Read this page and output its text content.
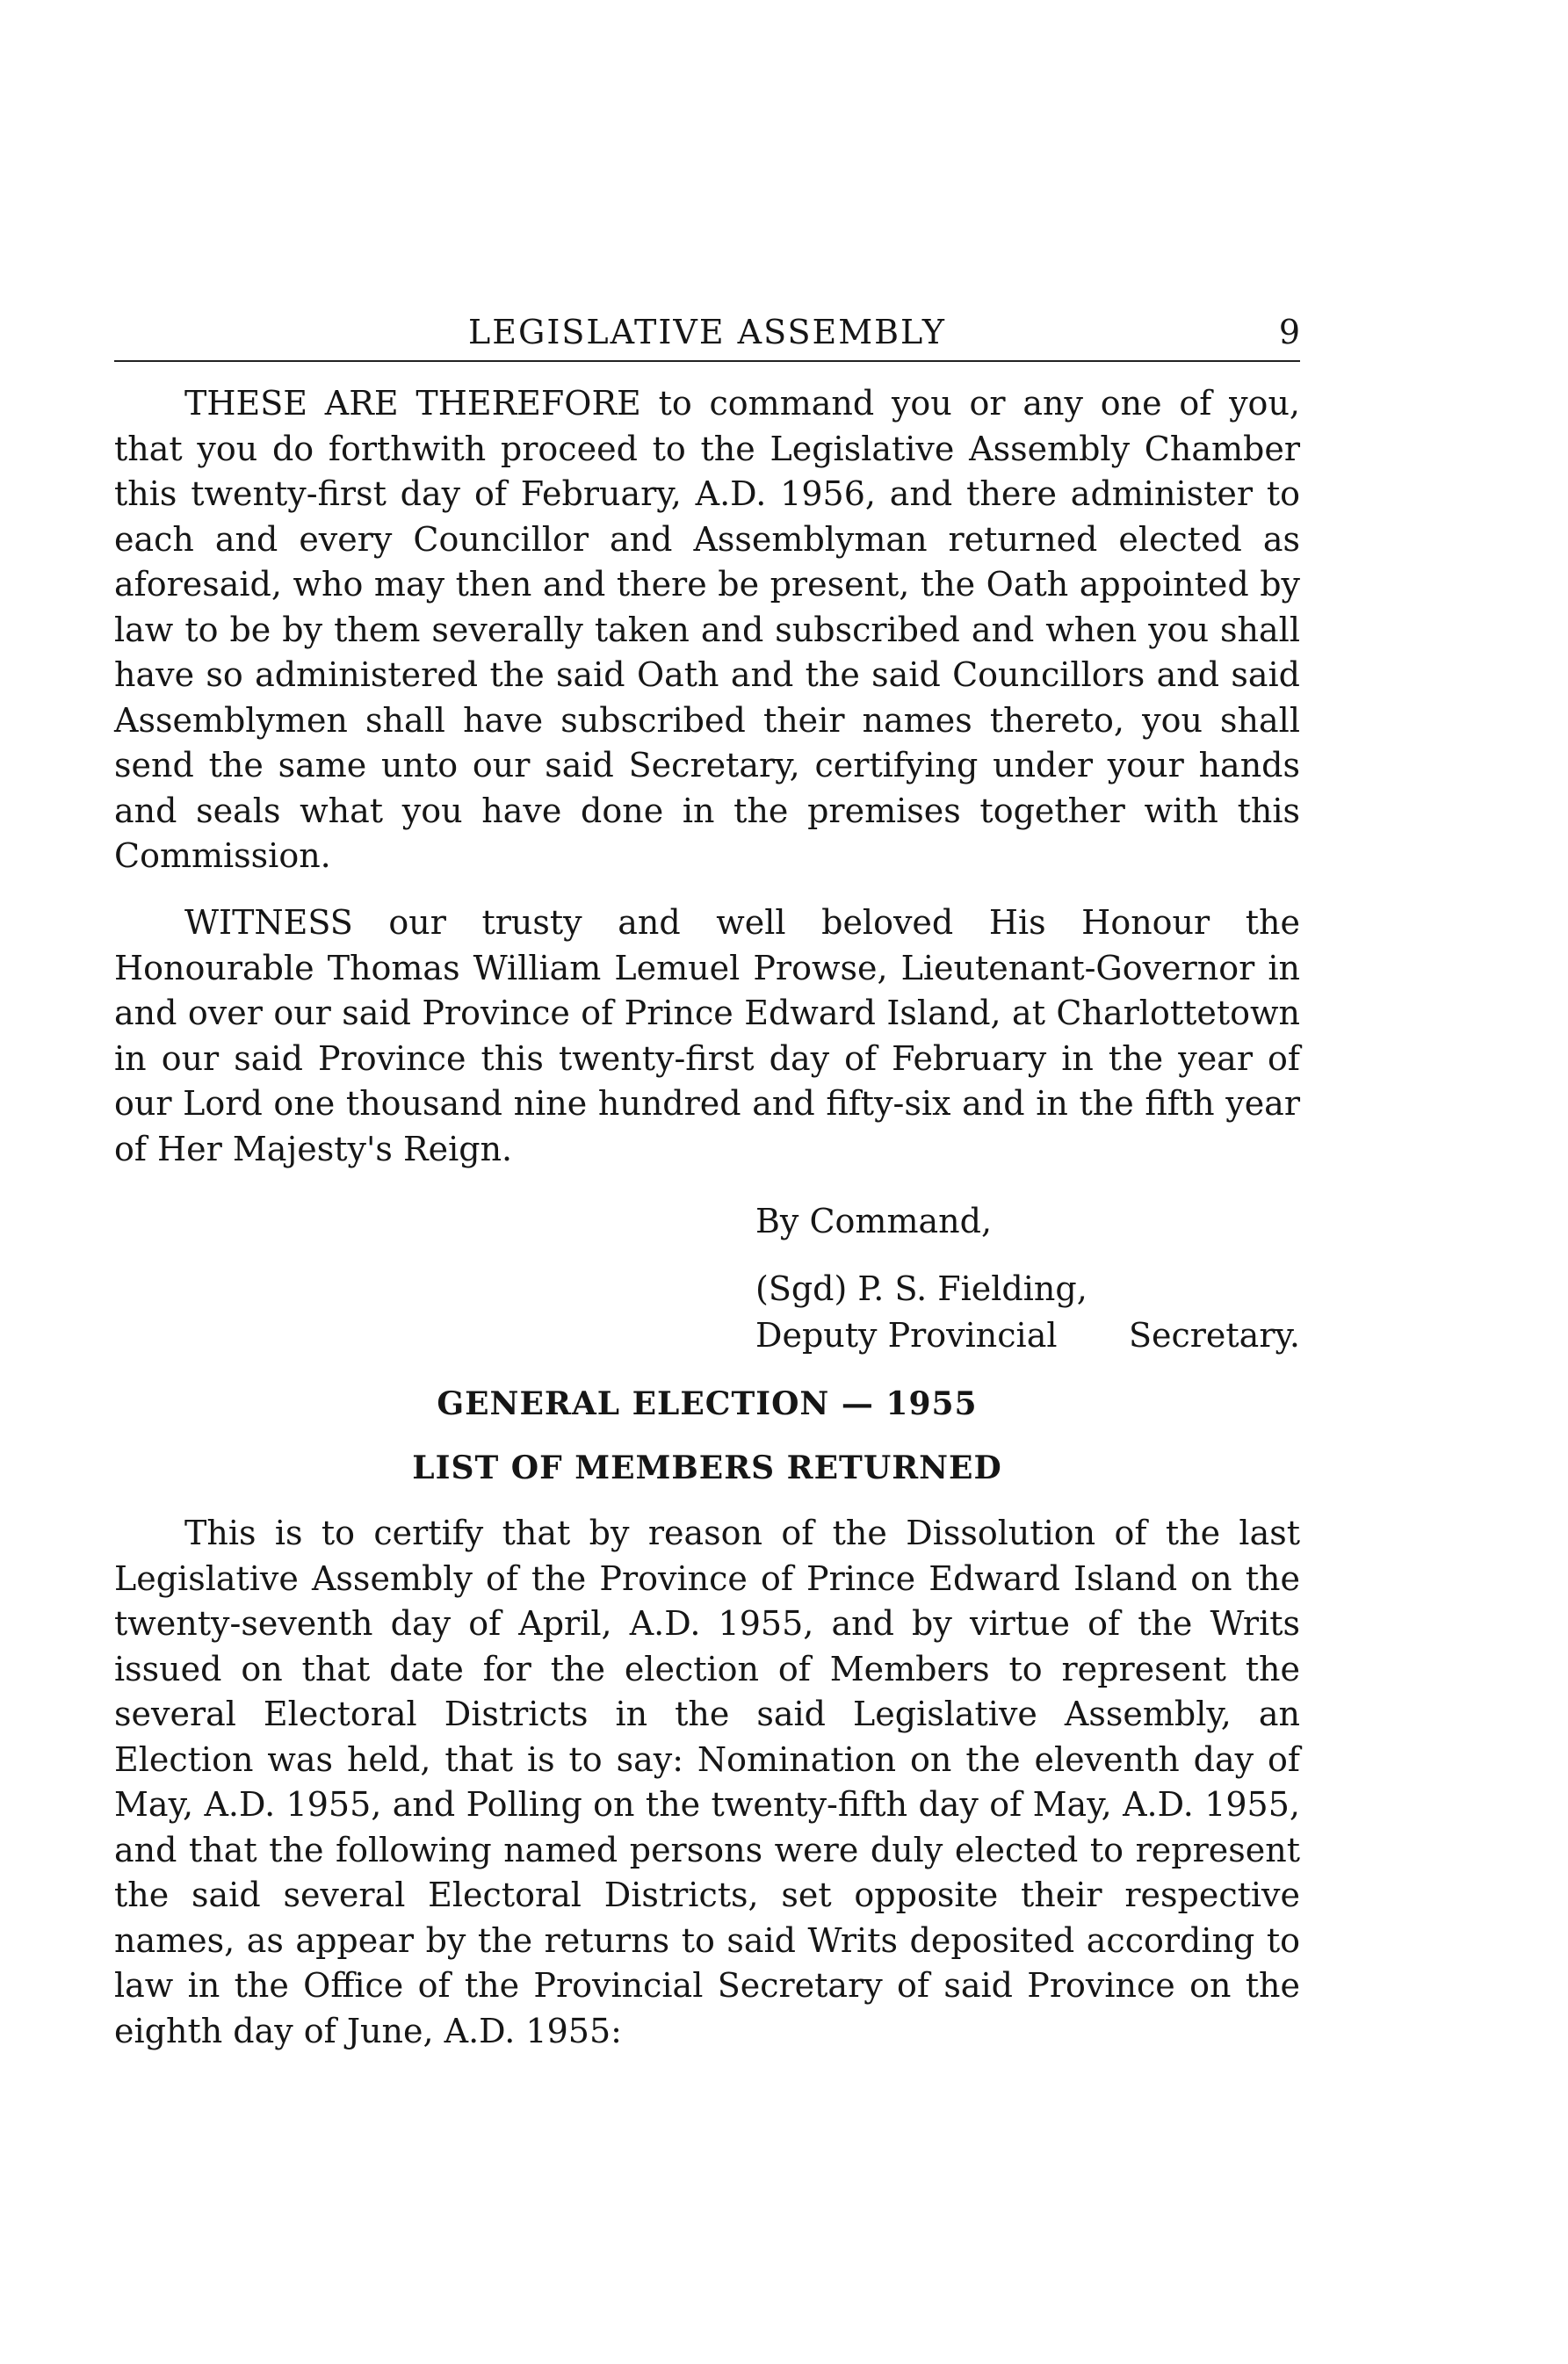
LEGISLATIVE ASSEMBLY	9

THESE ARE THEREFORE to command you or any one of you, that you do forthwith proceed to the Legislative Assembly Chamber this twenty-first day of February, A.D. 1956, and there administer to each and every Councillor and Assemblyman returned elected as aforesaid, who may then and there be present, the Oath appointed by law to be by them severally taken and subscribed and when you shall have so administered the said Oath and the said Councillors and said Assemblymen shall have subscribed their names thereto, you shall send the same unto our said Secretary, certifying under your hands and seals what you have done in the premises together with this Commission.

WITNESS our trusty and well beloved His Honour the Honourable Thomas William Lemuel Prowse, Lieutenant-Governor in and over our said Province of Prince Edward Island, at Charlottetown in our said Province this twenty-first day of February in the year of our Lord one thousand nine hundred and fifty-six and in the fifth year of Her Majesty's Reign.

By Command,
(Sgd) P. S. Fielding,
Deputy Provincial Secretary.
GENERAL ELECTION — 1955
LIST OF MEMBERS RETURNED

This is to certify that by reason of the Dissolution of the last Legislative Assembly of the Province of Prince Edward Island on the twenty-seventh day of April, A.D. 1955, and by virtue of the Writs issued on that date for the election of Members to represent the several Electoral Districts in the said Legislative Assembly, an Election was held, that is to say: Nomination on the eleventh day of May, A.D. 1955, and Polling on the twenty-fifth day of May, A.D. 1955, and that the following named persons were duly elected to represent the said several Electoral Districts, set opposite their respective names, as appear by the returns to said Writs deposited according to law in the Office of the Provincial Secretary of said Province on the eighth day of June, A.D. 1955:
